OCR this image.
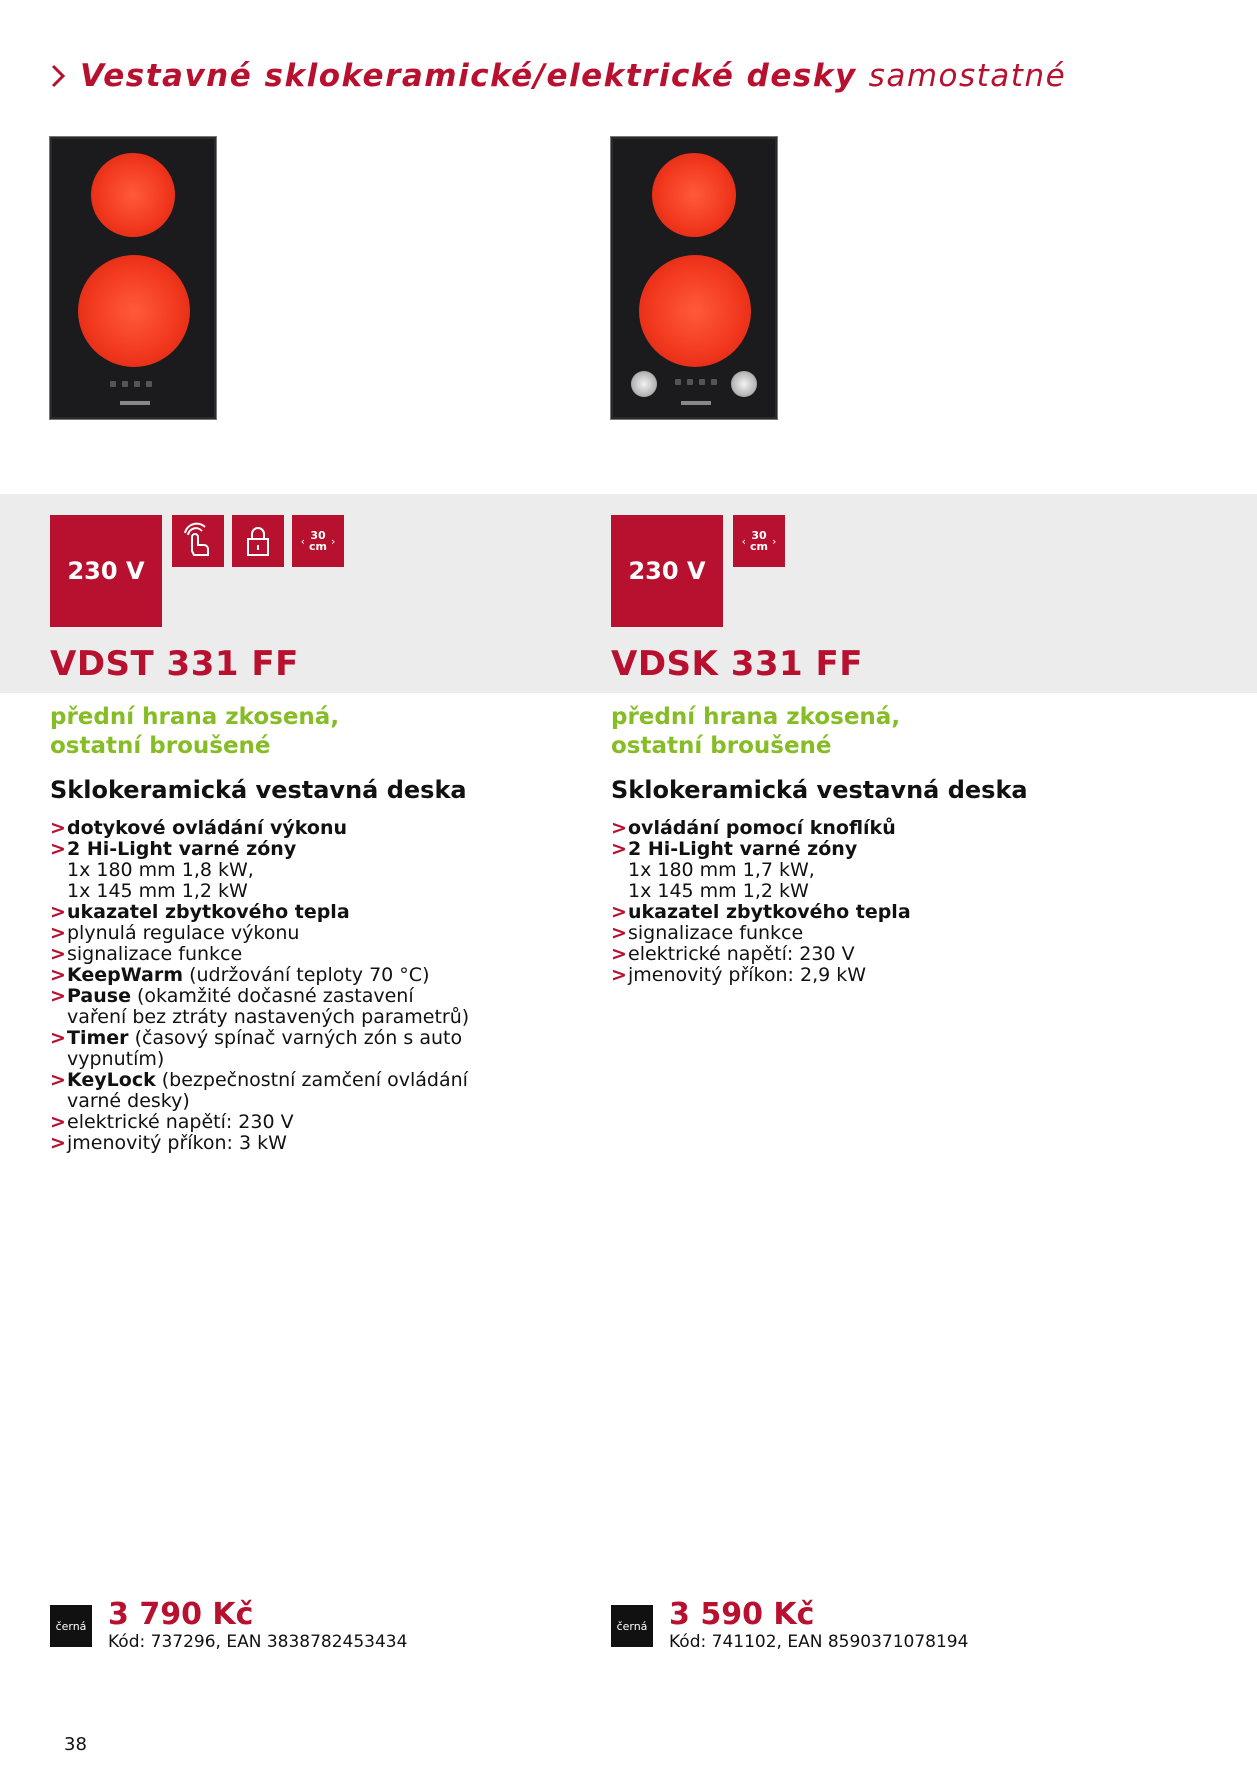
Vestavné sklokeramické/elektrické desky samostatné
230 V
‹ 30
cm ›
VDST 331 FF
přední hrana zkosená,
ostatní broušené
Sklokeramická vestavná deska
> dotykové ovládání výkonu
> 2 Hi-Light varné zóny
1x 180 mm 1,8 kW,
1x 145 mm 1,2 kW
> ukazatel zbytkového tepla
> plynulá regulace výkonu
> signalizace funkce
> KeepWarm (udržování teploty 70 °C)
> Pause (okamžité dočasné zastavení vaření bez ztráty nastavených parametrů)
> Timer (časový spínač varných zón s auto vypnutím)
> KeyLock (bezpečnostní zamčení ovládání varné desky)
> elektrické napětí: 230 V
> jmenovitý příkon: 3 kW
černá 3 790 Kč
Kód: 737296, EAN 3838782453434
230 V
‹ 30
cm ›
VDSK 331 FF
přední hrana zkosená,
ostatní broušené
Sklokeramická vestavná deska
> ovládání pomocí knoflíků
> 2 Hi-Light varné zóny
1x 180 mm 1,7 kW,
1x 145 mm 1,2 kW
> ukazatel zbytkového tepla
> signalizace funkce
> elektrické napětí: 230 V
> jmenovitý příkon: 2,9 kW
černá 3 590 Kč
Kód: 741102, EAN 8590371078194
38
